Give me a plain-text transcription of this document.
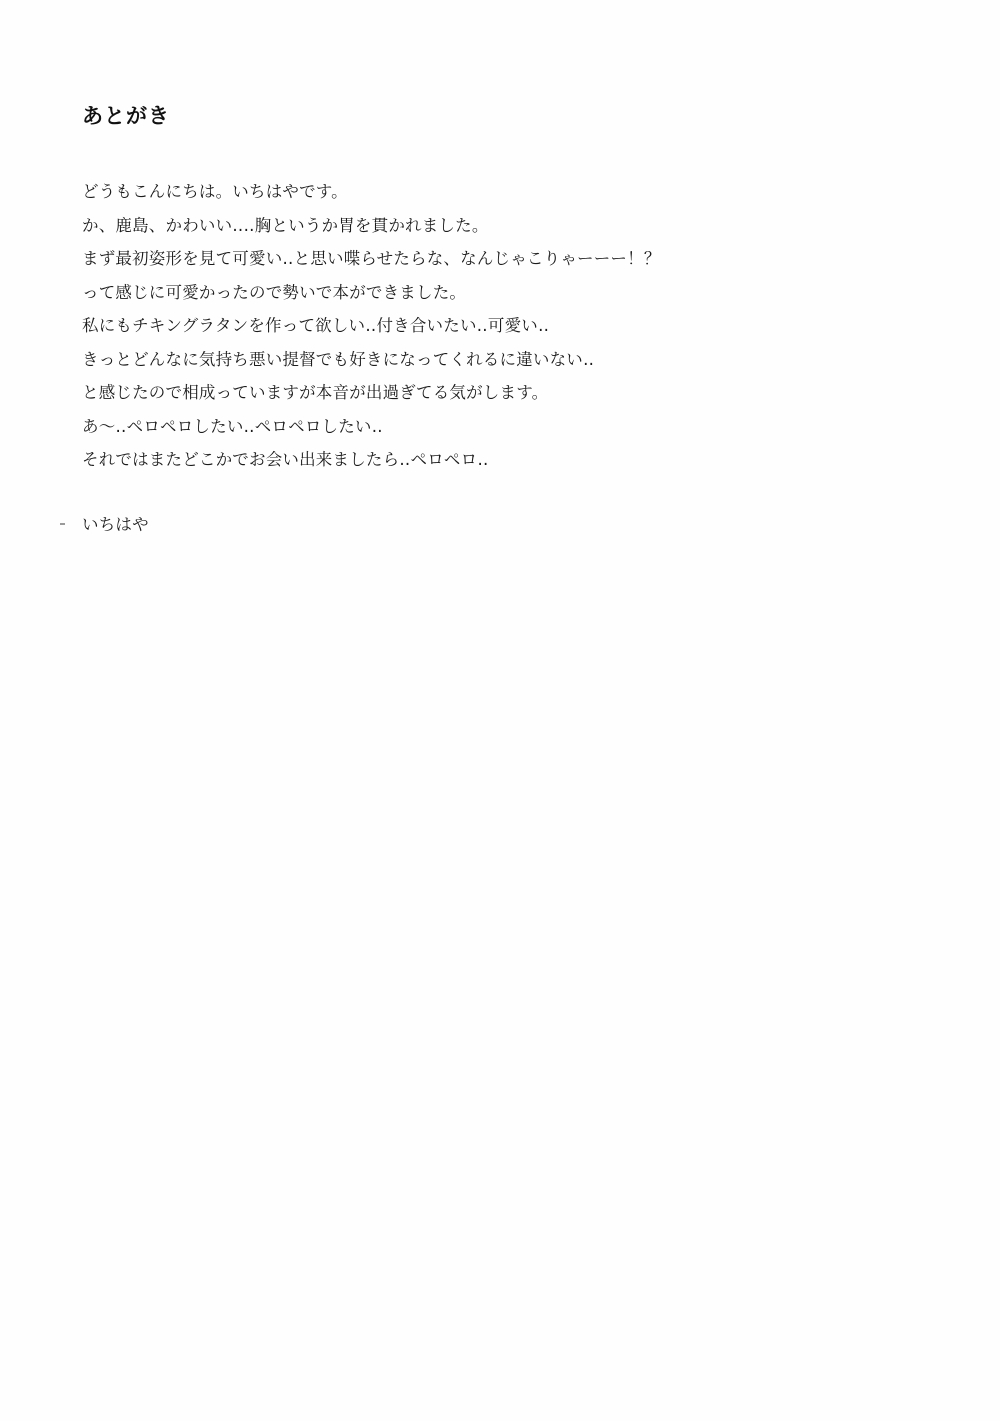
あとがき
どうもこんにちは。いちはやです。
か、鹿島、かわいい‥‥胸というか胃を貫かれました。
まず最初姿形を見て可愛い‥と思い喋らせたらな、なんじゃこりゃーーー！？
って感じに可愛かったので勢いで本ができました。
私にもチキングラタンを作って欲しい‥付き合いたい‥可愛い‥
きっとどんなに気持ち悪い提督でも好きになってくれるに違いない‥
と感じたので相成っていますが本音が出過ぎてる気がします。
あ〜‥ペロペロしたい‥ペロペロしたい‥
それではまたどこかでお会い出来ましたら‥ペロペロ‥
いちはや
